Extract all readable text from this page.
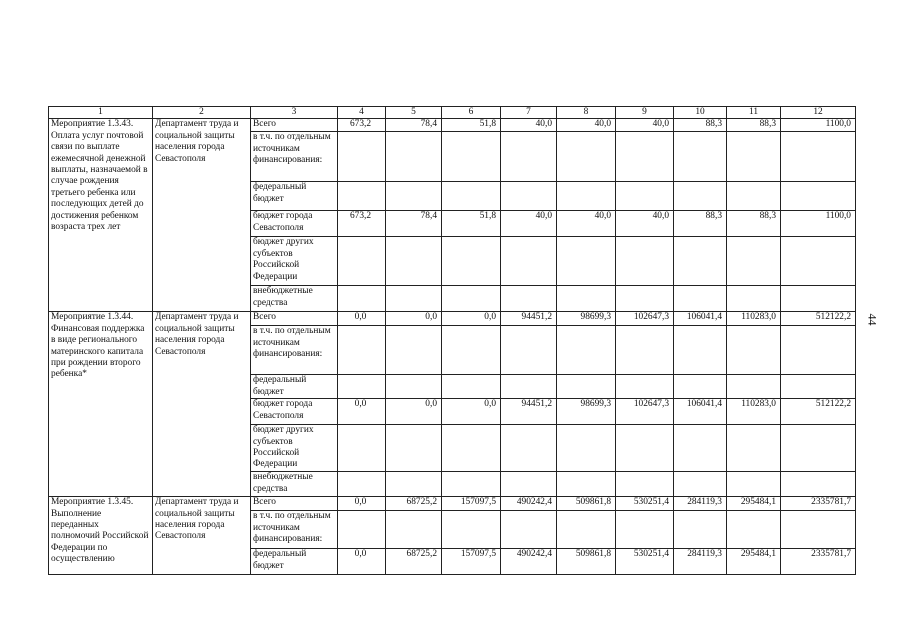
1	2	3	4	5	6	7	8	9	10	11	12
Мероприятие 1.3.43. Оплата услуг почтовой связи по выплате ежемесячной денежной выплаты, назначаемой в случае рождения третьего ребенка или последующих детей до достижения ребенком возраста трех лет	Департамент труда и социальной защиты населения города Севастополя	Всего	673,2	78,4	51,8	40,0	40,0	40,0	88,3	88,3	1100,0
		в т.ч. по отдельным источникам финансирования:									
		федеральный бюджет									
		бюджет города Севастополя	673,2	78,4	51,8	40,0	40,0	40,0	88,3	88,3	1100,0
		бюджет других субъектов Российской Федерации									
		внебюджетные средства									
Мероприятие 1.3.44. Финансовая поддержка в виде регионального материнского капитала при рождении второго ребенка*	Департамент труда и социальной защиты населения города Севастополя	Всего	0,0	0,0	0,0	94451,2	98699,3	102647,3	106041,4	110283,0	512122,2
		в т.ч. по отдельным источникам финансирования:									
		федеральный бюджет									
		бюджет города Севастополя	0,0	0,0	0,0	94451,2	98699,3	102647,3	106041,4	110283,0	512122,2
		бюджет других субъектов Российской Федерации									
		внебюджетные средства									
Мероприятие 1.3.45. Выполнение переданных полномочий Российской Федерации по осуществлению	Департамент труда и социальной защиты населения города Севастополя	Всего	0,0	68725,2	157097,5	490242,4	509861,8	530251,4	284119,3	295484,1	2335781,7
		в т.ч. по отдельным источникам финансирования:									
		федеральный бюджет	0,0	68725,2	157097,5	490242,4	509861,8	530251,4	284119,3	295484,1	2335781,7
44
